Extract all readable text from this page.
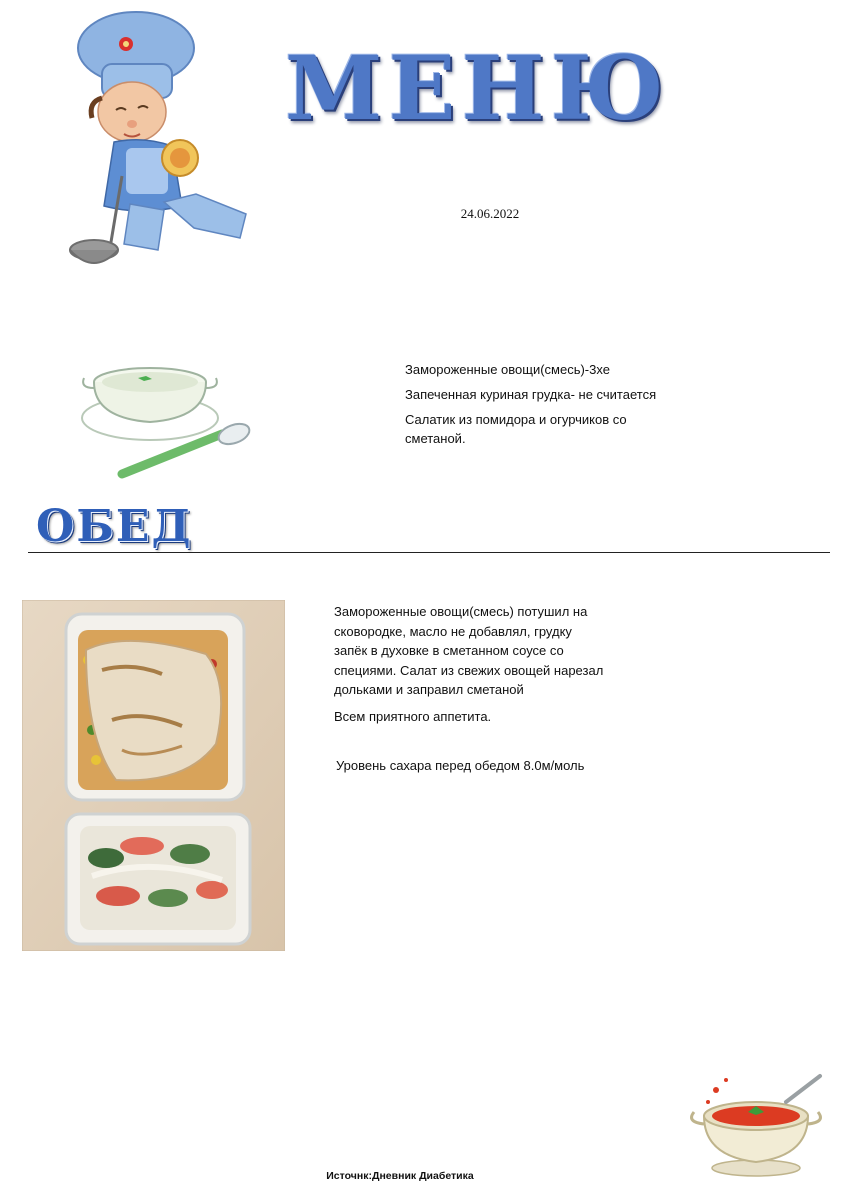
МЕНЮ
24.06.2022

Замороженные овощи(смесь)-3хе

Запеченная куриная грудка- не считается

Салатик из помидора и огурчиков со сметаной.

ОБЕД

Замороженные овощи(смесь) потушил на сковородке, масло не добавлял, грудку запёк в духовке в сметанном соусе со специями. Салат из свежих овощей нарезал дольками и заправил сметаной

Всем приятного аппетита.

Уровень сахара перед обедом 8.0м/моль
Источнк:Дневник Диабетика
